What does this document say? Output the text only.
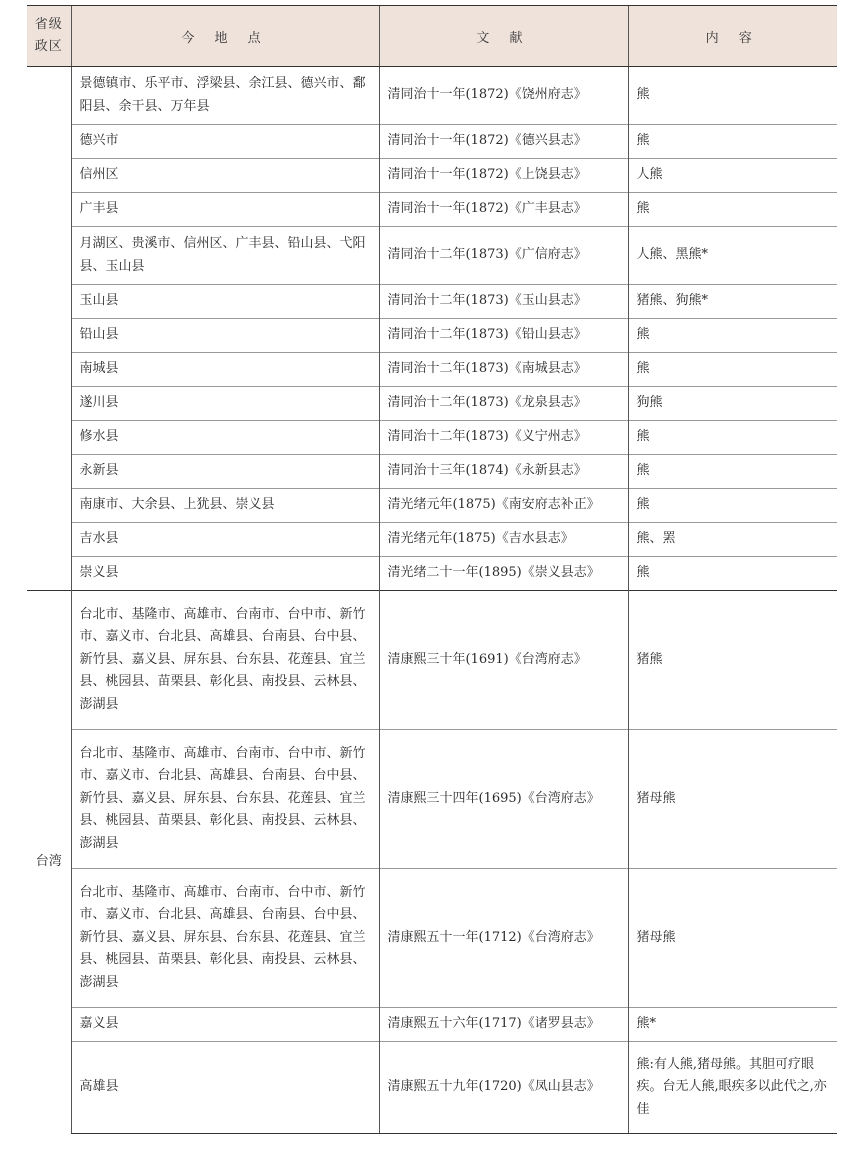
省级
政区	今 地 点	文 献	内 容
	景德镇市、乐平市、浮梁县、余江县、德兴市、鄱阳县、余干县、万年县	清同治十一年(1872)《饶州府志》	熊
	德兴市	清同治十一年(1872)《德兴县志》	熊
	信州区	清同治十一年(1872)《上饶县志》	人熊
	广丰县	清同治十一年(1872)《广丰县志》	熊
	月湖区、贵溪市、信州区、广丰县、铅山县、弋阳县、玉山县	清同治十二年(1873)《广信府志》	人熊、黑熊*
	玉山县	清同治十二年(1873)《玉山县志》	猪熊、狗熊*
	铅山县	清同治十二年(1873)《铅山县志》	熊
	南城县	清同治十二年(1873)《南城县志》	熊
	遂川县	清同治十二年(1873)《龙泉县志》	狗熊
	修水县	清同治十二年(1873)《义宁州志》	熊
	永新县	清同治十三年(1874)《永新县志》	熊
	南康市、大余县、上犹县、崇义县	清光绪元年(1875)《南安府志补正》	熊
	吉水县	清光绪元年(1875)《吉水县志》	熊、罴
	崇义县	清光绪二十一年(1895)《崇义县志》	熊
台湾	台北市、基隆市、高雄市、台南市、台中市、新竹市、嘉义市、台北县、高雄县、台南县、台中县、新竹县、嘉义县、屏东县、台东县、花莲县、宜兰县、桃园县、苗栗县、彰化县、南投县、云林县、澎湖县	清康熙三十年(1691)《台湾府志》	猪熊
	台北市、基隆市、高雄市、台南市、台中市、新竹市、嘉义市、台北县、高雄县、台南县、台中县、新竹县、嘉义县、屏东县、台东县、花莲县、宜兰县、桃园县、苗栗县、彰化县、南投县、云林县、澎湖县	清康熙三十四年(1695)《台湾府志》	猪母熊
	台北市、基隆市、高雄市、台南市、台中市、新竹市、嘉义市、台北县、高雄县、台南县、台中县、新竹县、嘉义县、屏东县、台东县、花莲县、宜兰县、桃园县、苗栗县、彰化县、南投县、云林县、澎湖县	清康熙五十一年(1712)《台湾府志》	猪母熊
	嘉义县	清康熙五十六年(1717)《诸罗县志》	熊*
	高雄县	清康熙五十九年(1720)《凤山县志》	熊:有人熊,猪母熊。其胆可疗眼疾。台无人熊,眼疾多以此代之,亦佳
